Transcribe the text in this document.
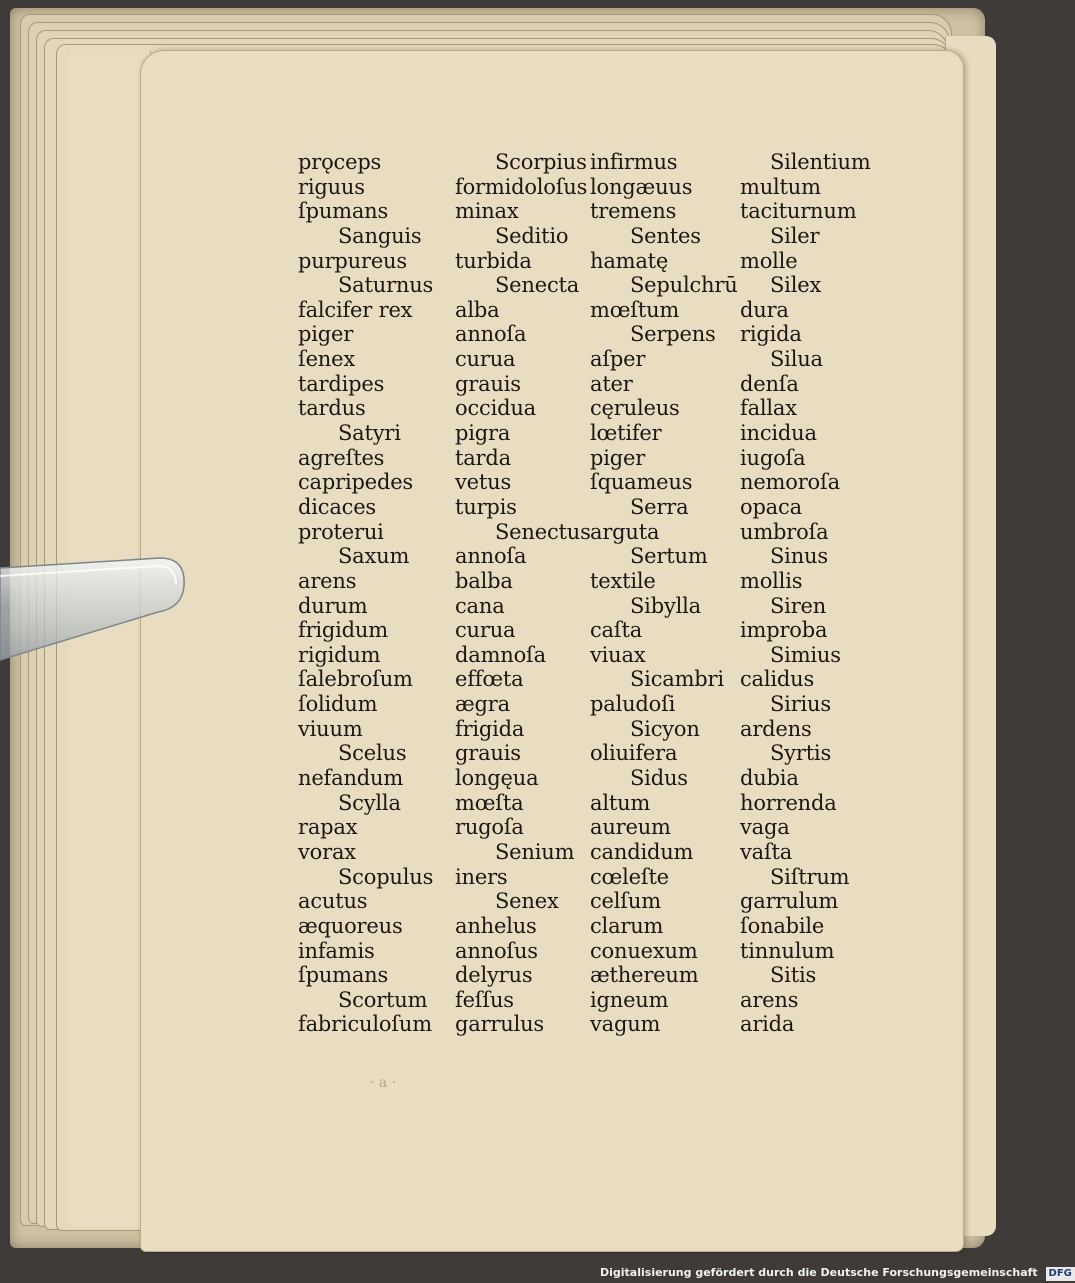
prǫceps
riguus
ſpumans
Sanguis
purpureus
Saturnus
falcifer rex
piger
ſenex
tardipes
tardus
Satyri
agreſtes
capripedes
dicaces
proterui
Saxum
arens
durum
frigidum
rigidum
ſalebroſum
ſolidum
viuum
Scelus
nefandum
Scylla
rapax
vorax
Scopulus
acutus
æquoreus
infamis
ſpumans
Scortum
fabriculoſum
Scorpius
formidoloſus
minax
Seditio
turbida
Senecta
alba
annoſa
curua
grauis
occidua
pigra
tarda
vetus
turpis
Senectus
annoſa
balba
cana
curua
damnoſa
effœta
ægra
frigida
grauis
longęua
mœſta
rugoſa
Senium
iners
Senex
anhelus
annoſus
delyrus
feſſus
garrulus
infirmus
longæuus
tremens
Sentes
hamatę
Sepulchrū
mœſtum
Serpens
aſper
ater
cęruleus
lœtifer
piger
ſquameus
Serra
arguta
Sertum
textile
Sibylla
caſta
viuax
Sicambri
paludoſi
Sicyon
oliuifera
Sidus
altum
aureum
candidum
cœleſte
celſum
clarum
conuexum
æthereum
igneum
vagum
Silentium
multum
taciturnum
Siler
molle
Silex
dura
rigida
Silua
denſa
fallax
incidua
iugoſa
nemoroſa
opaca
umbroſa
Sinus
mollis
Siren
improba
Simius
calidus
Sirius
ardens
Syrtis
dubia
horrenda
vaga
vaſta
Siſtrum
garrulum
ſonabile
tinnulum
Sitis
arens
arida
· a ·
Digitalisierung gefördert durch die Deutsche Forschungsgemeinschaft DFG
